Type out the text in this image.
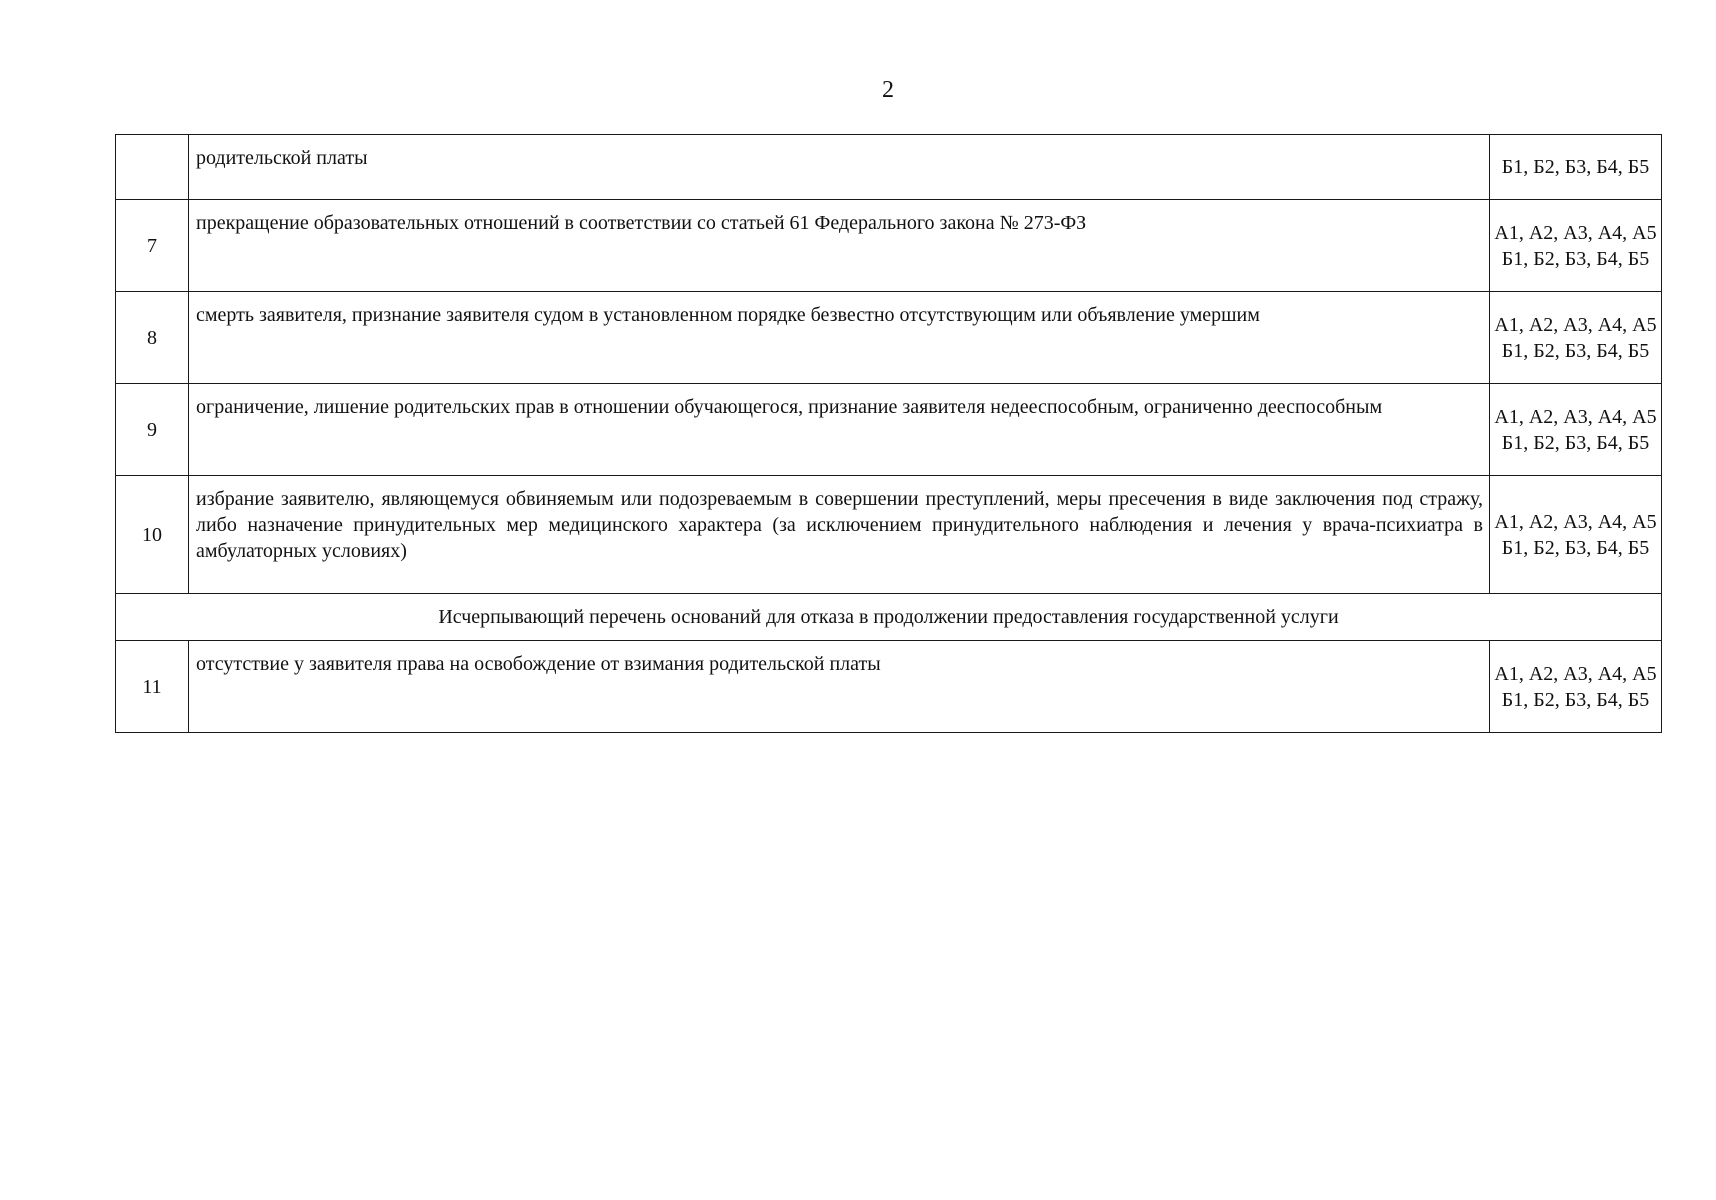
2
	родительской платы	Б1, Б2, Б3, Б4, Б5

7	прекращение образовательных отношений в соответствии со статьей 61 Федерального закона № 273-ФЗ	А1, А2, А3, А4, А5
Б1, Б2, Б3, Б4, Б5

8	смерть заявителя, признание заявителя судом в установленном порядке безвестно отсутствующим или объявление умершим	А1, А2, А3, А4, А5
Б1, Б2, Б3, Б4, Б5

9	ограничение, лишение родительских прав в отношении обучающегося, признание заявителя недееспособным, ограниченно дееспособным	А1, А2, А3, А4, А5
Б1, Б2, Б3, Б4, Б5

10	избрание заявителю, являющемуся обвиняемым или подозреваемым в совершении преступлений, меры пресечения в виде заключения под стражу, либо назначение принудительных мер медицинского характера (за исключением принудительного наблюдения и лечения у врача-психиатра в амбулаторных условиях)	А1, А2, А3, А4, А5
Б1, Б2, Б3, Б4, Б5

Исчерпывающий перечень оснований для отказа в продолжении предоставления государственной услуги		
11	отсутствие у заявителя права на освобождение от взимания родительской платы	А1, А2, А3, А4, А5
Б1, Б2, Б3, Б4, Б5
